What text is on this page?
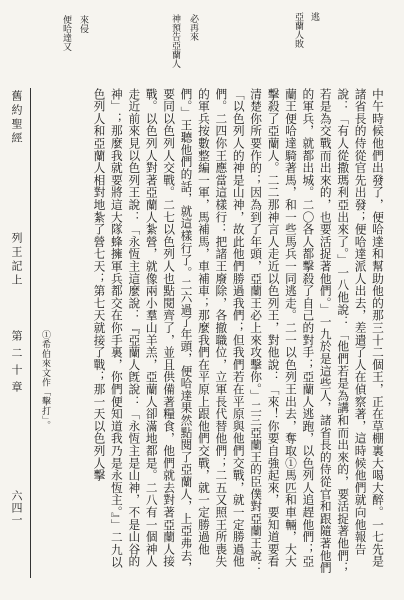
亞蘭人敗 逃
神預告亞蘭人 必再來
便哈達又 來侵

中午時候他們出發了，便哈達和幫助他的那三十二個王，正在草棚裏大喝大醉。一七先是諸省長的侍從官先出發；便哈達派人出去，差遣了人在偵察著，這時候他們就向他報告說：「有人從撒瑪利亞出來了。」一八他說：「他們若是為講和而出來的，要活捉著他們；若是為交戰而出來的，也要活捉著他們。」一九於是這些人，諸省長的侍從官和跟隨著他們的軍兵，就都出城。二〇各人都擊殺了自己的對手；亞蘭人逃跑，以色列人追趕他們；亞蘭王便哈達騎著馬，和一些馬兵一同逃走。二一以色列王出去，奪取①馬匹和車輛，大大擊殺了亞蘭人。二二那神言人走近以色列王，對他說：「來！你要自強起來，要知道要看清楚你所要作的；因為到了年頭，亞蘭王必上來攻擊你。」二三亞蘭王的臣僕對亞蘭王說：「以色列人的神是山神，故此他們勝過我們；但我們若在平原與他們交戰，就一定勝過他們。二四你王應當這樣行：把諸王廢除，各撤職位，立軍長代替他們；二五又照王所喪失的軍兵按數整編一軍，馬補馬，車補車；那麼我們在平原上跟他們交戰，就一定勝過他們。」王聽他們的話，就這樣行了。二六過了年頭，便哈達果然點閱了亞蘭人，上亞弗去，要同以色列人交戰。二七以色列人也點閱齊了，並且供備著糧食，他們就去對著亞蘭人接戰。以色列人對著亞蘭人紮營，就像兩小羣山羊羔，亞蘭人卻滿地都是。二八有一個神人走近前來見以色列王說：「永恆主這麼說：『亞蘭人旣說：「永恆主是山神，不是山谷的神」；那麼我就要將這大隊蜂擁軍兵都交在你手裏，你們便知道我乃是永恆主。』」二九以色列人和亞蘭人相對地紮了營七天；第七天就接了戰；那一天以色列人擊

舊約聖經
列王記上
第二十章
六四一
①希伯來文作「擊打」。
